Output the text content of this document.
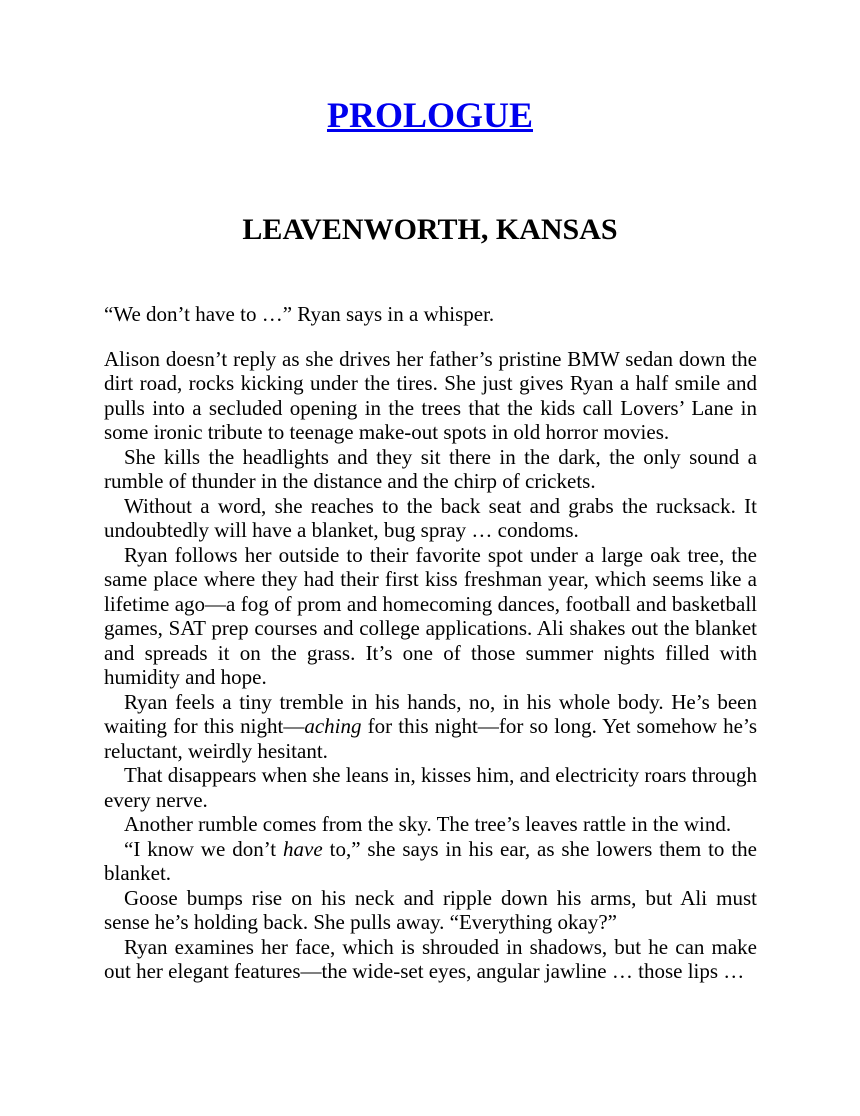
PROLOGUE
LEAVENWORTH, KANSAS

“We don’t have to …” Ryan says in a whisper.

Alison doesn’t reply as she drives her father’s pristine BMW sedan down the dirt road, rocks kicking under the tires. She just gives Ryan a half smile and pulls into a secluded opening in the trees that the kids call Lovers’ Lane in some ironic tribute to teenage make-out spots in old horror movies.

She kills the headlights and they sit there in the dark, the only sound a rumble of thunder in the distance and the chirp of crickets.

Without a word, she reaches to the back seat and grabs the rucksack. It undoubtedly will have a blanket, bug spray … condoms.

Ryan follows her outside to their favorite spot under a large oak tree, the same place where they had their first kiss freshman year, which seems like a lifetime ago—a fog of prom and homecoming dances, football and basketball games, SAT prep courses and college applications. Ali shakes out the blanket and spreads it on the grass. It’s one of those summer nights filled with humidity and hope.

Ryan feels a tiny tremble in his hands, no, in his whole body. He’s been waiting for this night—aching for this night—for so long. Yet somehow he’s reluctant, weirdly hesitant.

That disappears when she leans in, kisses him, and electricity roars through every nerve.

Another rumble comes from the sky. The tree’s leaves rattle in the wind.

“I know we don’t have to,” she says in his ear, as she lowers them to the blanket.

Goose bumps rise on his neck and ripple down his arms, but Ali must sense he’s holding back. She pulls away. “Everything okay?”

Ryan examines her face, which is shrouded in shadows, but he can make out her elegant features—the wide-set eyes, angular jawline … those lips …
